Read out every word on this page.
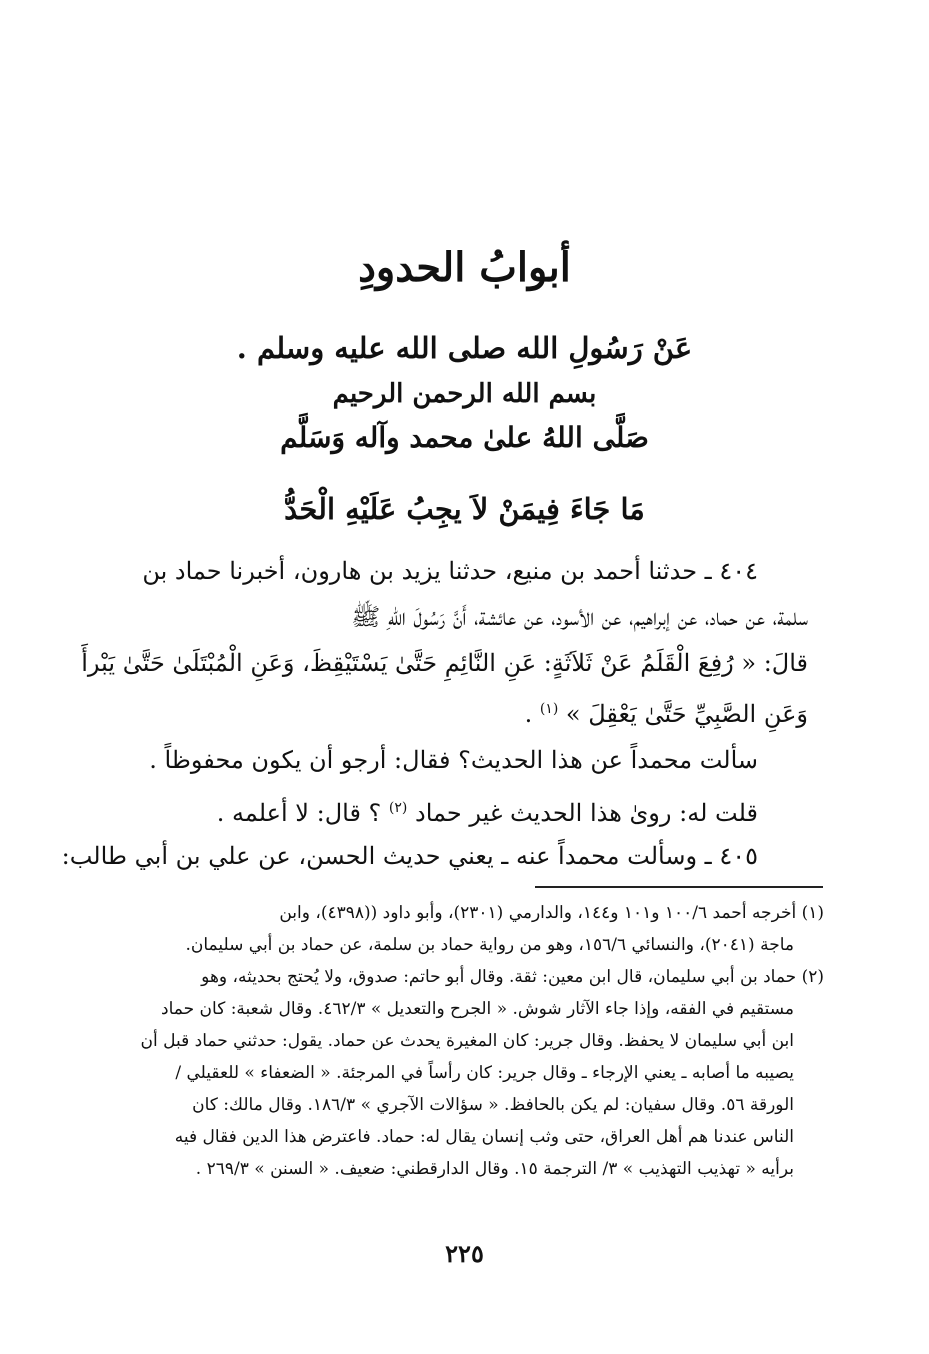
أبوابُ الحدودِ
عَنْ رَسُولِ الله صلى الله عليه وسلم .
بسم الله الرحمن الرحيم
صَلَّى اللهُ علىٰ محمد وآله وَسَلَّم
مَا جَاءَ فِيمَنْ لاَ يجِبُ عَلَيْهِ الْحَدُّ
٤٠٤ ـ حدثنا أحمد بن منيع، حدثنا يزيد بن هارون، أخبرنا حماد بن
سلمة، عن حماد، عن إبراهيم، عن الأسود، عن عائشة، أَنَّ رَسُولَ اللهِ ﷺ
قالَ: « رُفِعَ الْقَلَمُ عَنْ ثَلاَثَةٍ: عَنِ النَّائِمِ حَتَّىٰ يَسْتَيْقِظَ، وَعَنِ الْمُبْتَلَىٰ حَتَّىٰ يَبْرأَ
وَعَنِ الصَّبِيِّ حَتَّىٰ يَعْقِلَ » $^{(١)}$ .
سألت محمداً عن هذا الحديث؟ فقال: أرجو أن يكون محفوظاً .
قلت له: رویٰ هذا الحديث غير حماد $^{(٢)}$ ؟ قال: لا أعلمه .
٤٠٥ ـ وسألت محمداً عنه ـ يعني حديث الحسن، عن علي بن أبي طالب:
(١) أخرجه أحمد ١٠٠/٦ و١٠١ و١٤٤، والدارمي (٢٣٠١)، وأبو داود ((٤٣٩٨)، وابن
ماجة (٢٠٤١)، والنسائي ١٥٦/٦، وهو من رواية حماد بن سلمة، عن حماد بن أبي سليمان.
(٢) حماد بن أبي سليمان، قال ابن معين: ثقة. وقال أبو حاتم: صدوق، ولا يُحتج بحديثه، وهو
مستقيم في الفقه، وإذا جاء الآثار شوش. « الجرح والتعديل » ٤٦٢/٣. وقال شعبة: كان حماد
ابن أبي سليمان لا يحفظ. وقال جرير: كان المغيرة يحدث عن حماد. يقول: حدثني حماد قبل أن
يصيبه ما أصابه ـ يعني الإرجاء ـ وقال جرير: كان رأساً في المرجئة. « الضعفاء » للعقيلي /
الورقة ٥٦. وقال سفيان: لم يكن بالحافظ. « سؤالات الآجري » ١٨٦/٣. وقال مالك: كان
الناس عندنا هم أهل العراق، حتى وثب إنسان يقال له: حماد. فاعترض هذا الدين فقال فيه
برأيه « تهذيب التهذيب » ٣/ الترجمة ١٥. وقال الدارقطني: ضعيف. « السنن » ٢٦٩/٣ .
٢٢٥
